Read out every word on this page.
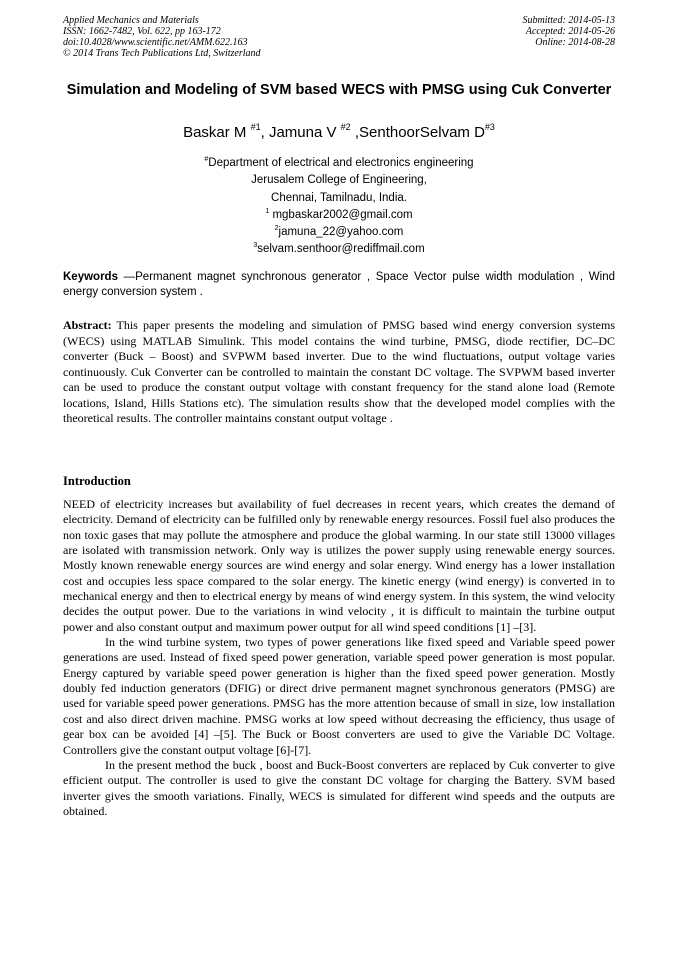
Applied Mechanics and Materials
ISSN: 1662-7482, Vol. 622, pp 163-172
doi:10.4028/www.scientific.net/AMM.622.163
© 2014 Trans Tech Publications Ltd, Switzerland
Submitted: 2014-05-13
Accepted: 2014-05-26
Online: 2014-08-28
Simulation and Modeling of SVM based WECS with PMSG using Cuk Converter
Baskar M $^{\#1}$, Jamuna V $^{\#2}$ ,SenthoorSelvam $D^{\#3}$
#Department of electrical and electronics engineering
Jerusalem College of Engineering,
Chennai, Tamilnadu, India.
$^1$ mgbaskar2002@gmail.com
$^2$jamuna_22@yahoo.com
$^3$selvam.senthoor@rediffmail.com
Keywords —Permanent magnet synchronous generator , Space Vector pulse width modulation , Wind energy conversion system .
Abstract: This paper presents the modeling and simulation of PMSG based wind energy conversion systems (WECS) using MATLAB Simulink. This model contains the wind turbine, PMSG, diode rectifier, DC–DC converter (Buck – Boost) and SVPWM based inverter. Due to the wind fluctuations, output voltage varies continuously. Cuk Converter can be controlled to maintain the constant DC voltage. The SVPWM based inverter can be used to produce the constant output voltage with constant frequency for the stand alone load (Remote locations, Island, Hills Stations etc). The simulation results show that the developed model complies with the theoretical results. The controller maintains constant output voltage .
Introduction

NEED of electricity increases but availability of fuel decreases in recent years, which creates the demand of electricity. Demand of electricity can be fulfilled only by renewable energy resources. Fossil fuel also produces the non toxic gases that may pollute the atmosphere and produce the global warming. In our state still 13000 villages are isolated with transmission network. Only way is utilizes the power supply using renewable energy sources. Mostly known renewable energy sources are wind energy and solar energy. Wind energy has a lower installation cost and occupies less space compared to the solar energy. The kinetic energy (wind energy) is converted in to mechanical energy and then to electrical energy by means of wind energy system. In this system, the wind velocity decides the output power. Due to the variations in wind velocity , it is difficult to maintain the turbine output power and also constant output and maximum power output for all wind speed conditions [1] –[3].

In the wind turbine system, two types of power generations like fixed speed and Variable speed power generations are used. Instead of fixed speed power generation, variable speed power generation is most popular. Energy captured by variable speed power generation is higher than the fixed speed power generation. Mostly doubly fed induction generators (DFIG) or direct drive permanent magnet synchronous generators (PMSG) are used for variable speed power generations. PMSG has the more attention because of small in size, low installation cost and also direct driven machine. PMSG works at low speed without decreasing the efficiency, thus usage of gear box can be avoided [4] –[5]. The Buck or Boost converters are used to give the Variable DC Voltage. Controllers give the constant output voltage [6]-[7].

In the present method the buck , boost and Buck-Boost converters are replaced by Cuk converter to give efficient output. The controller is used to give the constant DC voltage for charging the Battery. SVM based inverter gives the smooth variations. Finally, WECS is simulated for different wind speeds and the outputs are obtained.
